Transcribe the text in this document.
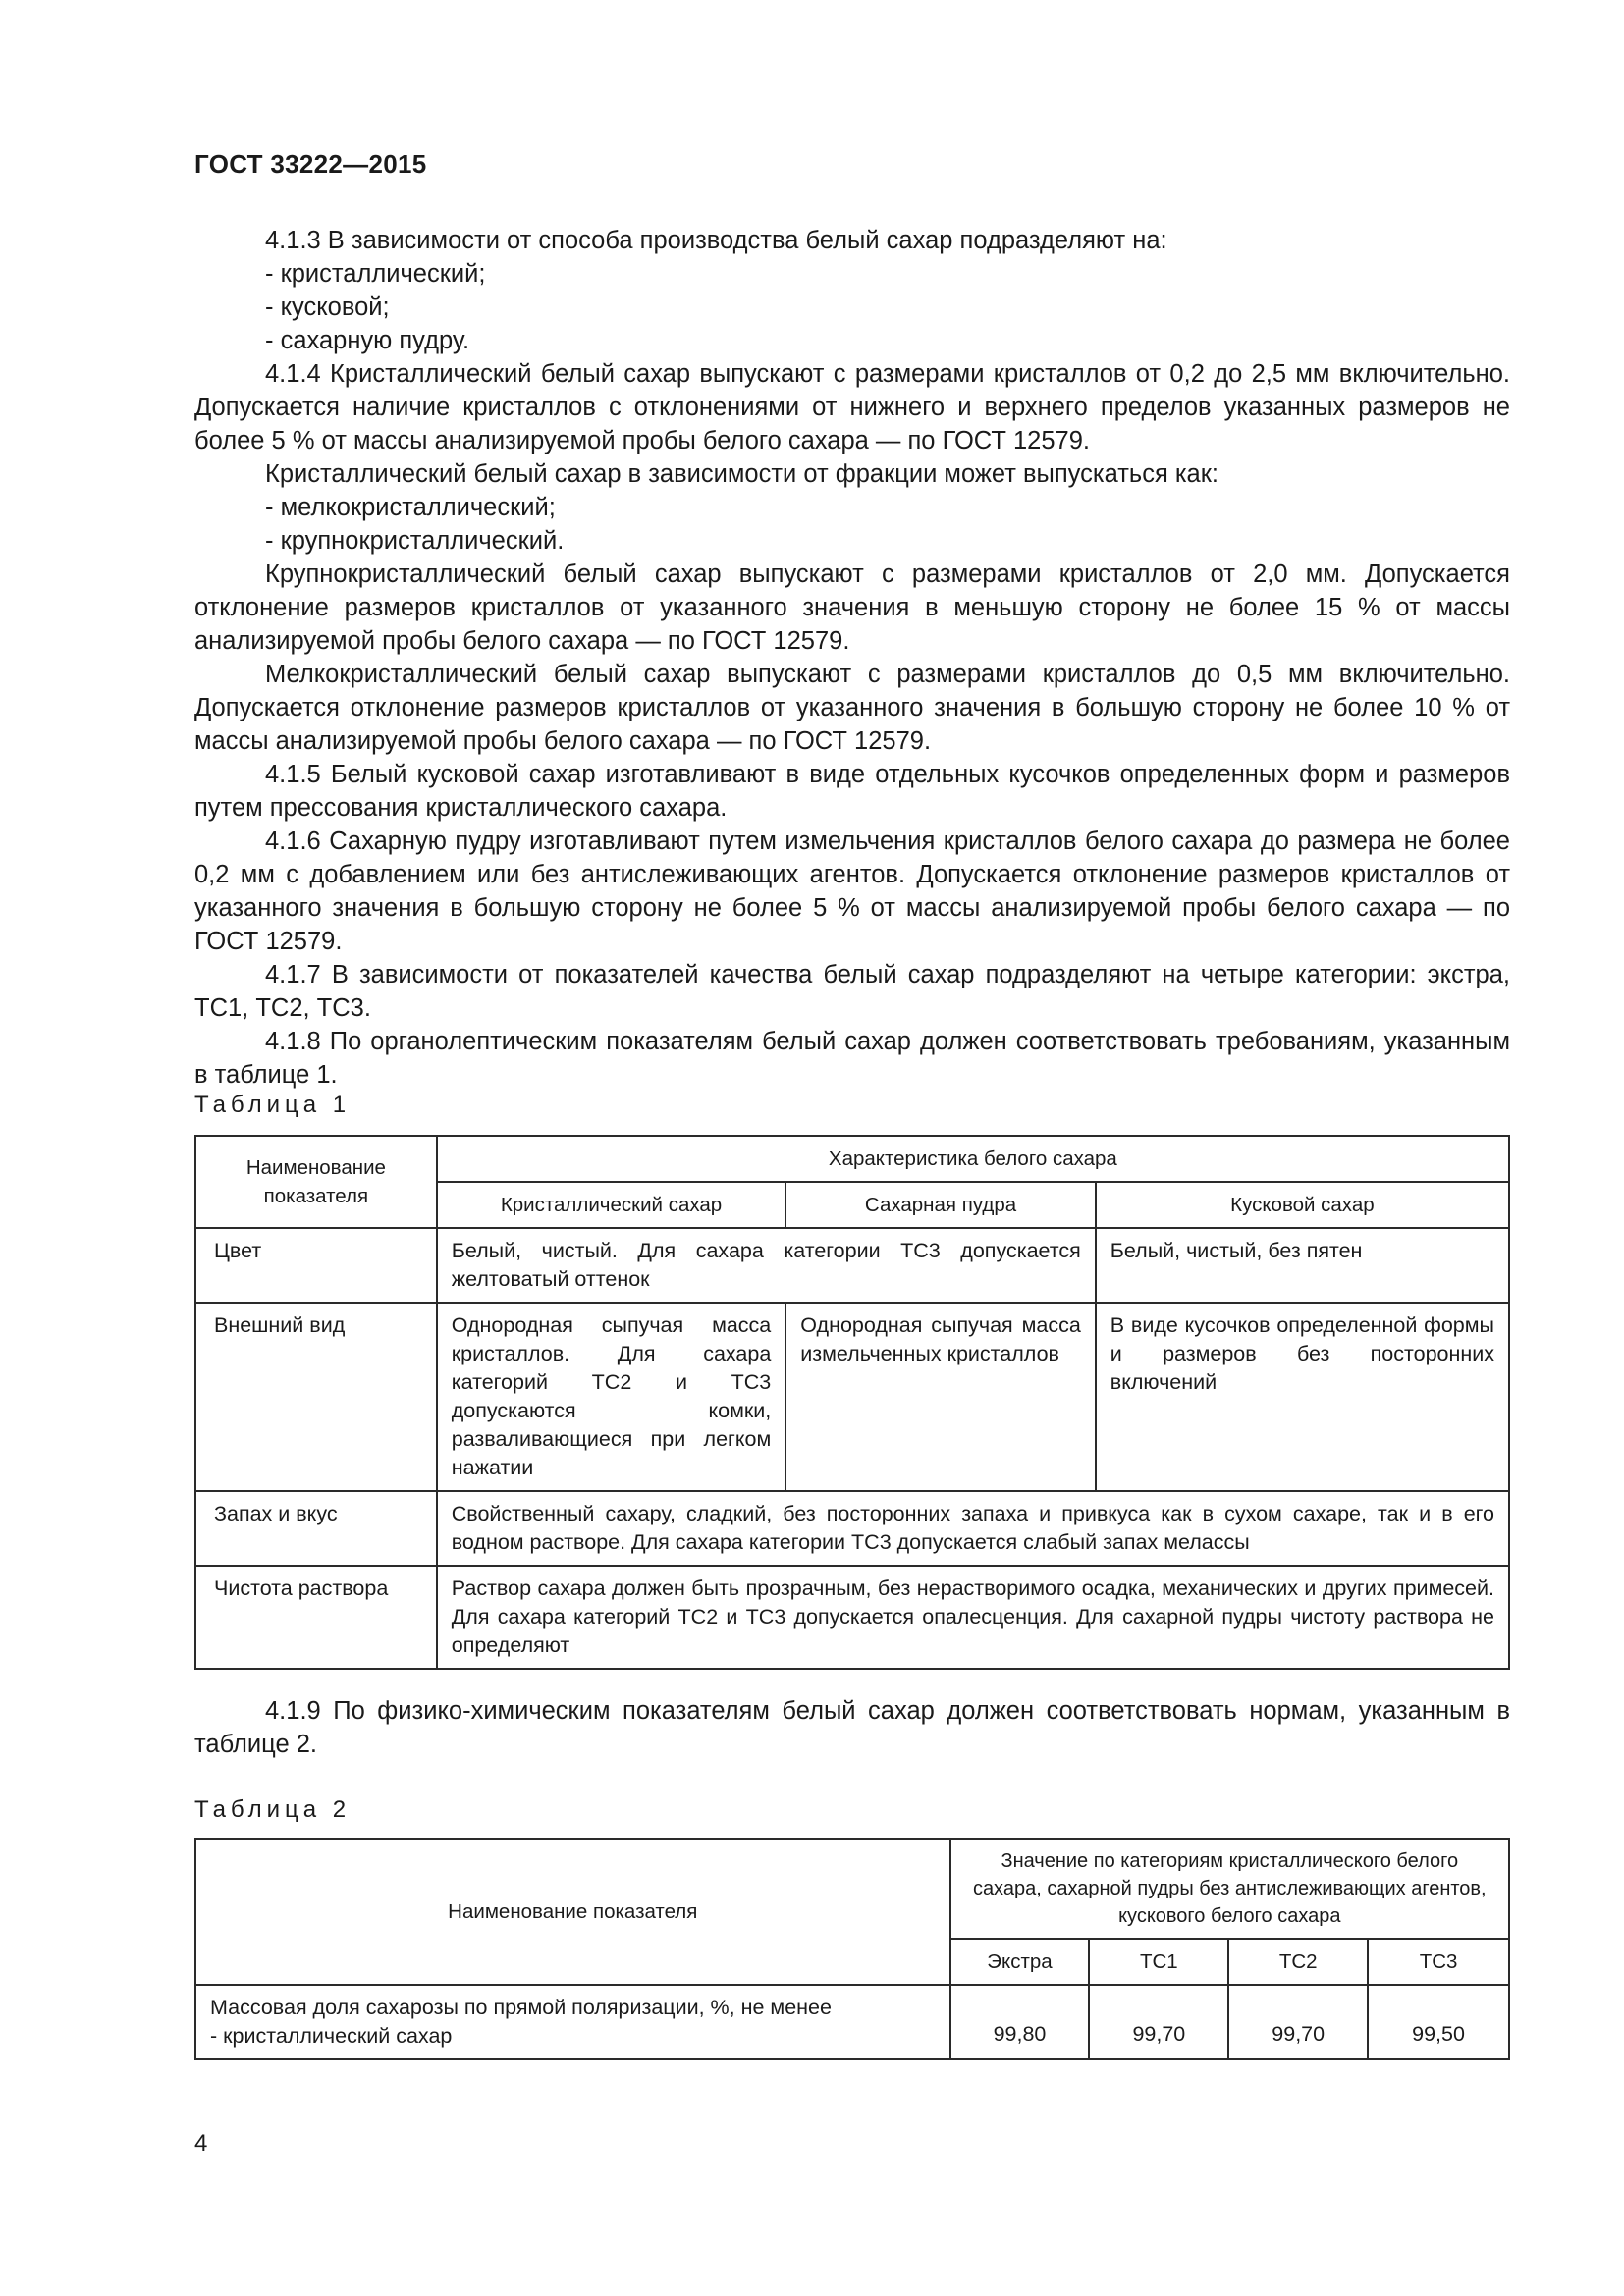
ГОСТ 33222—2015

4.1.3 В зависимости от способа производства белый сахар подразделяют на:

- кристаллический;

- кусковой;

- сахарную пудру.

4.1.4 Кристаллический белый сахар выпускают с размерами кристаллов от 0,2 до 2,5 мм включительно. Допускается наличие кристаллов с отклонениями от нижнего и верхнего пределов указанных размеров не более 5 % от массы анализируемой пробы белого сахара — по ГОСТ 12579.

Кристаллический белый сахар в зависимости от фракции может выпускаться как:

- мелкокристаллический;

- крупнокристаллический.

Крупнокристаллический белый сахар выпускают с размерами кристаллов от 2,0 мм. Допускается отклонение размеров кристаллов от указанного значения в меньшую сторону не более 15 % от массы анализируемой пробы белого сахара — по ГОСТ 12579.

Мелкокристаллический белый сахар выпускают с размерами кристаллов до 0,5 мм включительно. Допускается отклонение размеров кристаллов от указанного значения в большую сторону не более 10 % от массы анализируемой пробы белого сахара — по ГОСТ 12579.

4.1.5 Белый кусковой сахар изготавливают в виде отдельных кусочков определенных форм и размеров путем прессования кристаллического сахара.

4.1.6 Сахарную пудру изготавливают путем измельчения кристаллов белого сахара до размера не более 0,2 мм с добавлением или без антислеживающих агентов. Допускается отклонение размеров кристаллов от указанного значения в большую сторону не более 5 % от массы анализируемой пробы белого сахара — по ГОСТ 12579.

4.1.7 В зависимости от показателей качества белый сахар подразделяют на четыре категории: экстра, ТС1, ТС2, ТС3.

4.1.8 По органолептическим показателям белый сахар должен соответствовать требованиям, указанным в таблице 1.

Таблица 1
Наименование показателя	Характеристика белого сахара		
	Кристаллический сахар	Сахарная пудра	Кусковой сахар
Цвет	Белый, чистый. Для сахара категории ТС3 допускается желтоватый оттенок		Белый, чистый, без пятен
Внешний вид	Однородная сыпучая масса кристаллов. Для сахара категорий ТС2 и ТС3 допускаются комки, разваливающиеся при легком нажатии	Однородная сыпучая масса измельченных кристаллов	В виде кусочков определенной формы и размеров без посторонних включений
Запах и вкус	Свойственный сахару, сладкий, без посторонних запаха и привкуса как в сухом сахаре, так и в его водном растворе. Для сахара категории ТС3 допускается слабый запах мелассы		
Чистота раствора	Раствор сахара должен быть прозрачным, без нерастворимого осадка, механических и других примесей. Для сахара категорий ТС2 и ТС3 допускается опалесценция. Для сахарной пудры чистоту раствора не определяют		

4.1.9 По физико-химическим показателям белый сахар должен соответствовать нормам, указанным в таблице 2.

Таблица 2
Наименование показателя	Значение по категориям кристаллического белого сахара, сахарной пудры без антислеживающих агентов, кускового белого сахара			
	Экстра	ТС1	ТС2	ТС3

Массовая доля сахарозы по прямой поляризации, %, не менее
- кристаллический сахар	99,80	99,70	99,70	99,50
4
